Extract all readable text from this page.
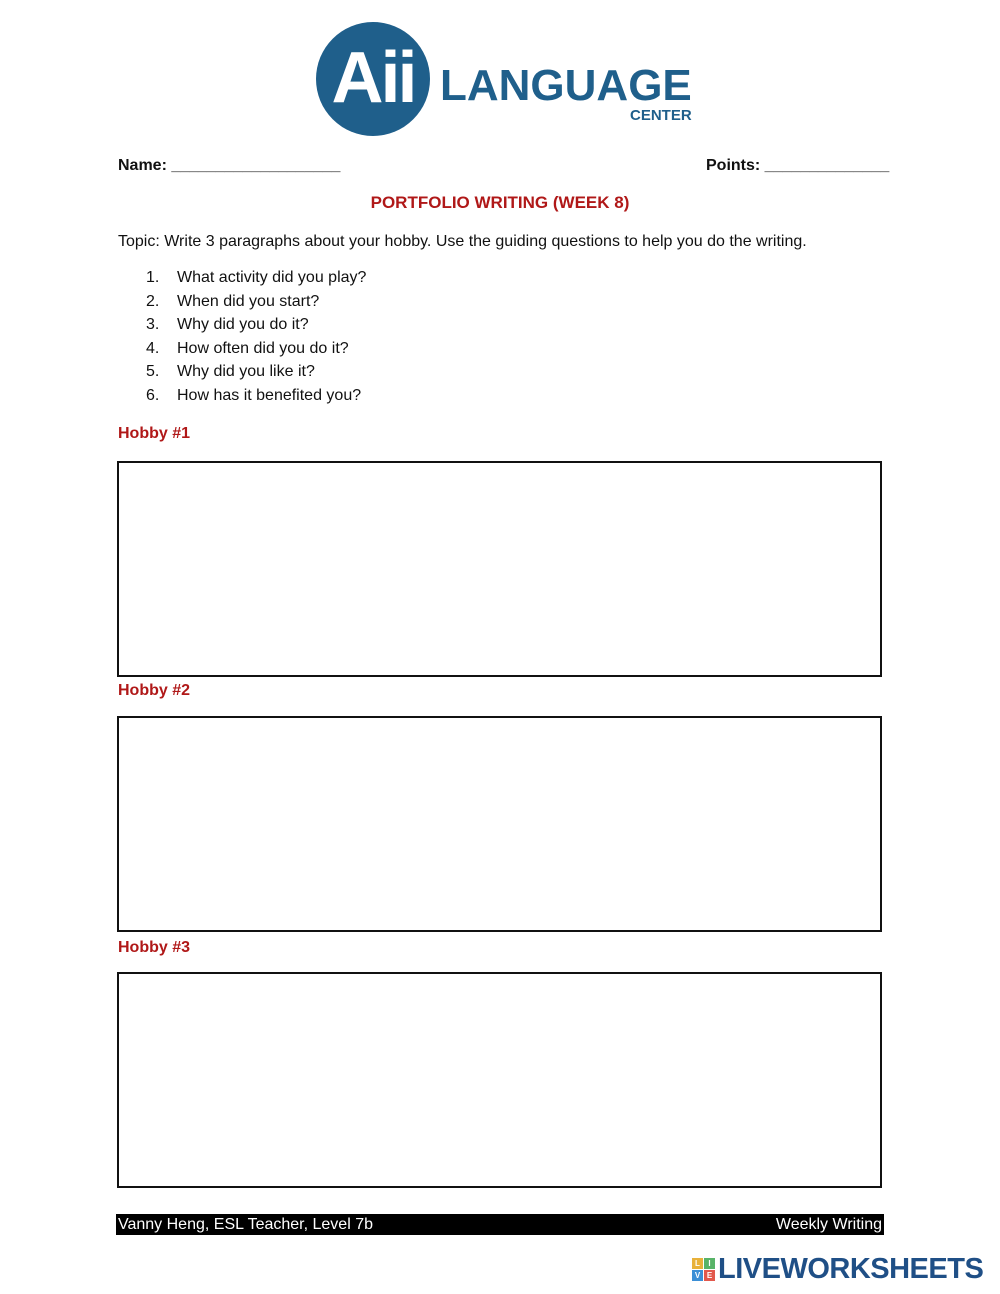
Aii LANGUAGE
CENTER
Name: ___________________	Points: ______________
PORTFOLIO WRITING (WEEK 8)
Topic: Write 3 paragraphs about your hobby. Use the guiding questions to help you do the writing.
1. What activity did you play?
2. When did you start?
3. Why did you do it?
4. How often did you do it?
5. Why did you like it?
6. How has it benefited you?
Hobby #1
Hobby #2
Hobby #3
Vanny Heng, ESL Teacher, Level 7b	Weekly Writing
L	I
V E LIVEWORKSHEETS
